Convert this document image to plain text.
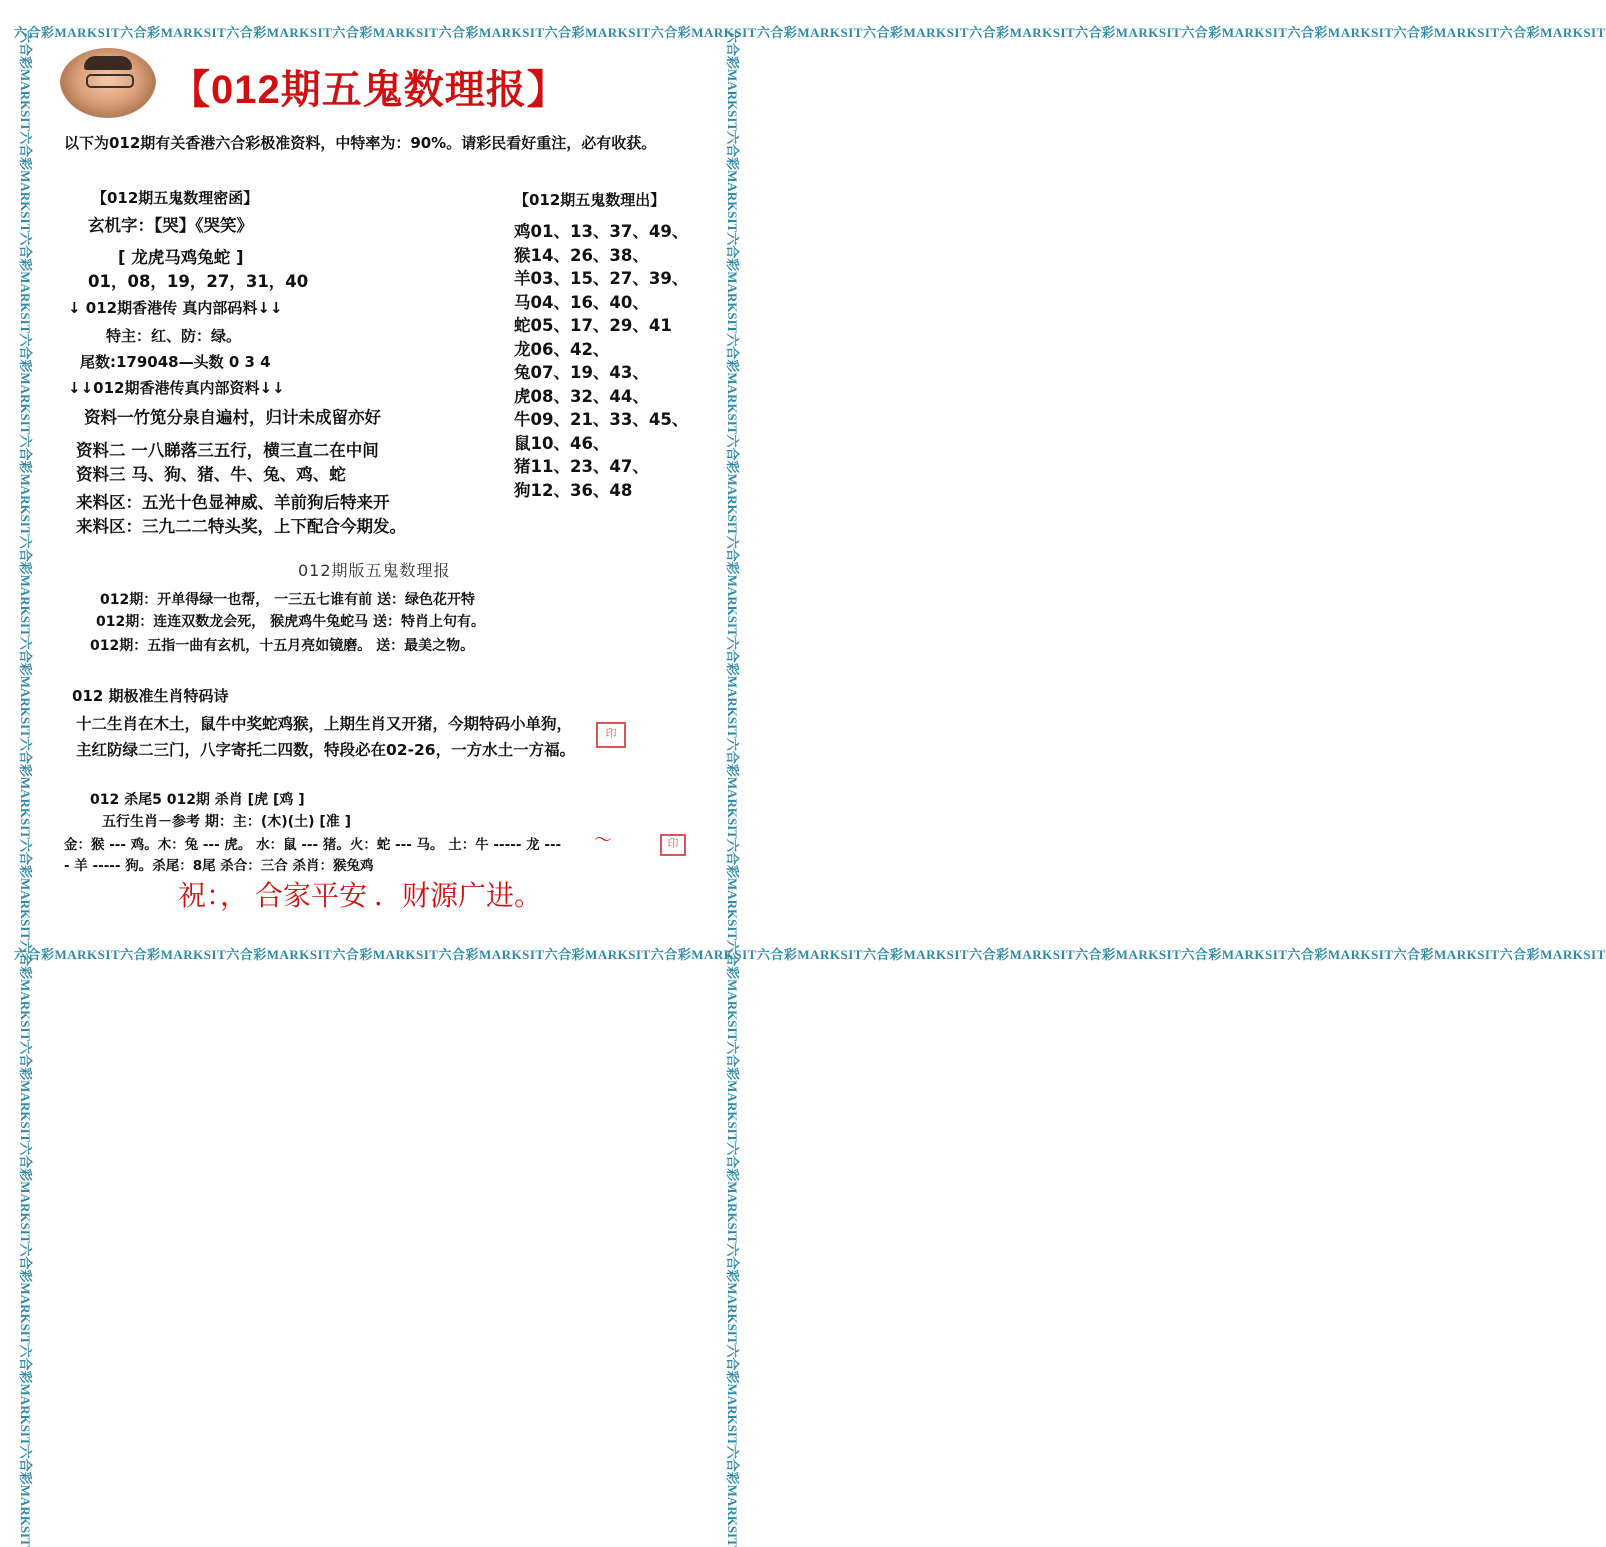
六合彩MARKSIT六合彩MARKSIT六合彩MARKSIT六合彩MARKSIT六合彩MARKSIT六合彩MARKSIT六合彩MARKSIT六合彩MARKSIT六合彩MARKSIT六合彩MARKSIT六合彩MARKSIT六合彩MARKSIT六合彩MARKSIT六合彩MARKSIT六合彩MARKSIT
六合彩MARKSIT六合彩MARKSIT六合彩MARKSIT六合彩MARKSIT六合彩MARKSIT六合彩MARKSIT六合彩MARKSIT六合彩MARKSIT六合彩MARKSIT六合彩MARKSIT六合彩MARKSIT六合彩MARKSIT六合彩MARKSIT六合彩MARKSIT六合彩MARKSIT
六合彩MARKSIT六合彩MARKSIT六合彩MARKSIT六合彩MARKSIT六合彩MARKSIT六合彩MARKSIT六合彩MARKSIT六合彩MARKSIT六合彩MARKSIT六合彩MARKSIT六合彩MARKSIT六合彩MARKSIT六合彩MARKSIT六合彩MARKSIT六合彩MARKSIT	六合彩MARKSIT六合彩MARKSIT六合彩MARKSIT六合彩MARKSIT六合彩MARKSIT六合彩MARKSIT六合彩MARKSIT六合彩MARKSIT六合彩MARKSIT六合彩MARKSIT六合彩MARKSIT六合彩MARKSIT六合彩MARKSIT六合彩MARKSIT六合彩MARKSIT
【012期五鬼数理报】
以下为012期有关香港六合彩极准资料，中特率为：90%。请彩民看好重注，必有收获。
【012期五鬼数理密函】
玄机字：【哭】《哭笑》
[ 龙虎马鸡兔蛇 ]
01，08，19，27，31，40
↓ 012期香港传 真内部码料↓↓
特主：红、防：绿。
尾数:179048—头数 0 3 4
↓↓012期香港传真内部资料↓↓
资料一竹笕分泉自遍村，归计未成留亦好
资料二 一八睇落三五行，横三直二在中间
资料三 马、狗、猪、牛、兔、鸡、蛇
来料区：五光十色显神威、羊前狗后特来开
来料区：三九二二特头奖，上下配合今期发。
【012期五鬼数理出】
鸡01、13、37、49、
猴14、26、38、
羊03、15、27、39、
马04、16、40、
蛇05、17、29、41
龙06、42、
兔07、19、43、
虎08、32、44、
牛09、21、33、45、
鼠10、46、
猪11、23、47、
狗12、36、48
012期版五鬼数理报
012期：开单得绿一也帮， 一三五七谁有前 送：绿色花开特
012期：连连双数龙会死， 猴虎鸡牛兔蛇马 送：特肖上句有。
012期：五指一曲有玄机，十五月亮如镜磨。 送：最美之物。
012 期极准生肖特码诗
十二生肖在木土，鼠牛中奖蛇鸡猴，上期生肖又开猪，今期特码小单狗，
主红防绿二三门，八字寄托二四数，特段必在02-26，一方水土一方福。
印
012 杀尾5 012期 杀肖 [虎 [鸡 ]
五行生肖－参考 期：主：(木)(土) [准 ]
金：猴 --- 鸡。木：兔 --- 虎。 水：鼠 --- 猪。火：蛇 --- 马。 土：牛 ----- 龙 ---
- 羊 ----- 狗。杀尾：8尾 杀合：三合 杀肖：猴兔鸡
〜	印
祝：， 合家平安 ．财源广进。
